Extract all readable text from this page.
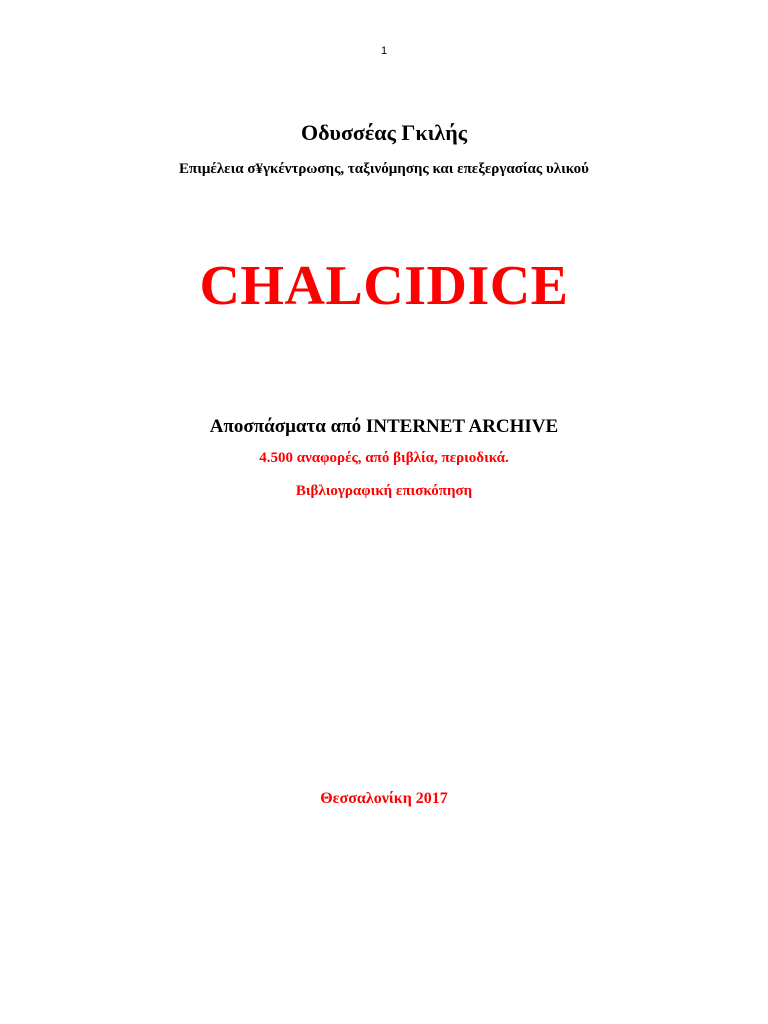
1
Οδυσσέας Γκιλής
Επιμέλεια σ¥γκέντρωσης, ταξινόμησης και επεξεργασίας υλικού
CHALCIDICE
Αποσπάσματα από INTERNET ARCHIVE
4.500 αναφορές, από βιβλία, περιοδικά.
Βιβλιογραφική επισκόπηση
Θεσσαλονίκη 2017
